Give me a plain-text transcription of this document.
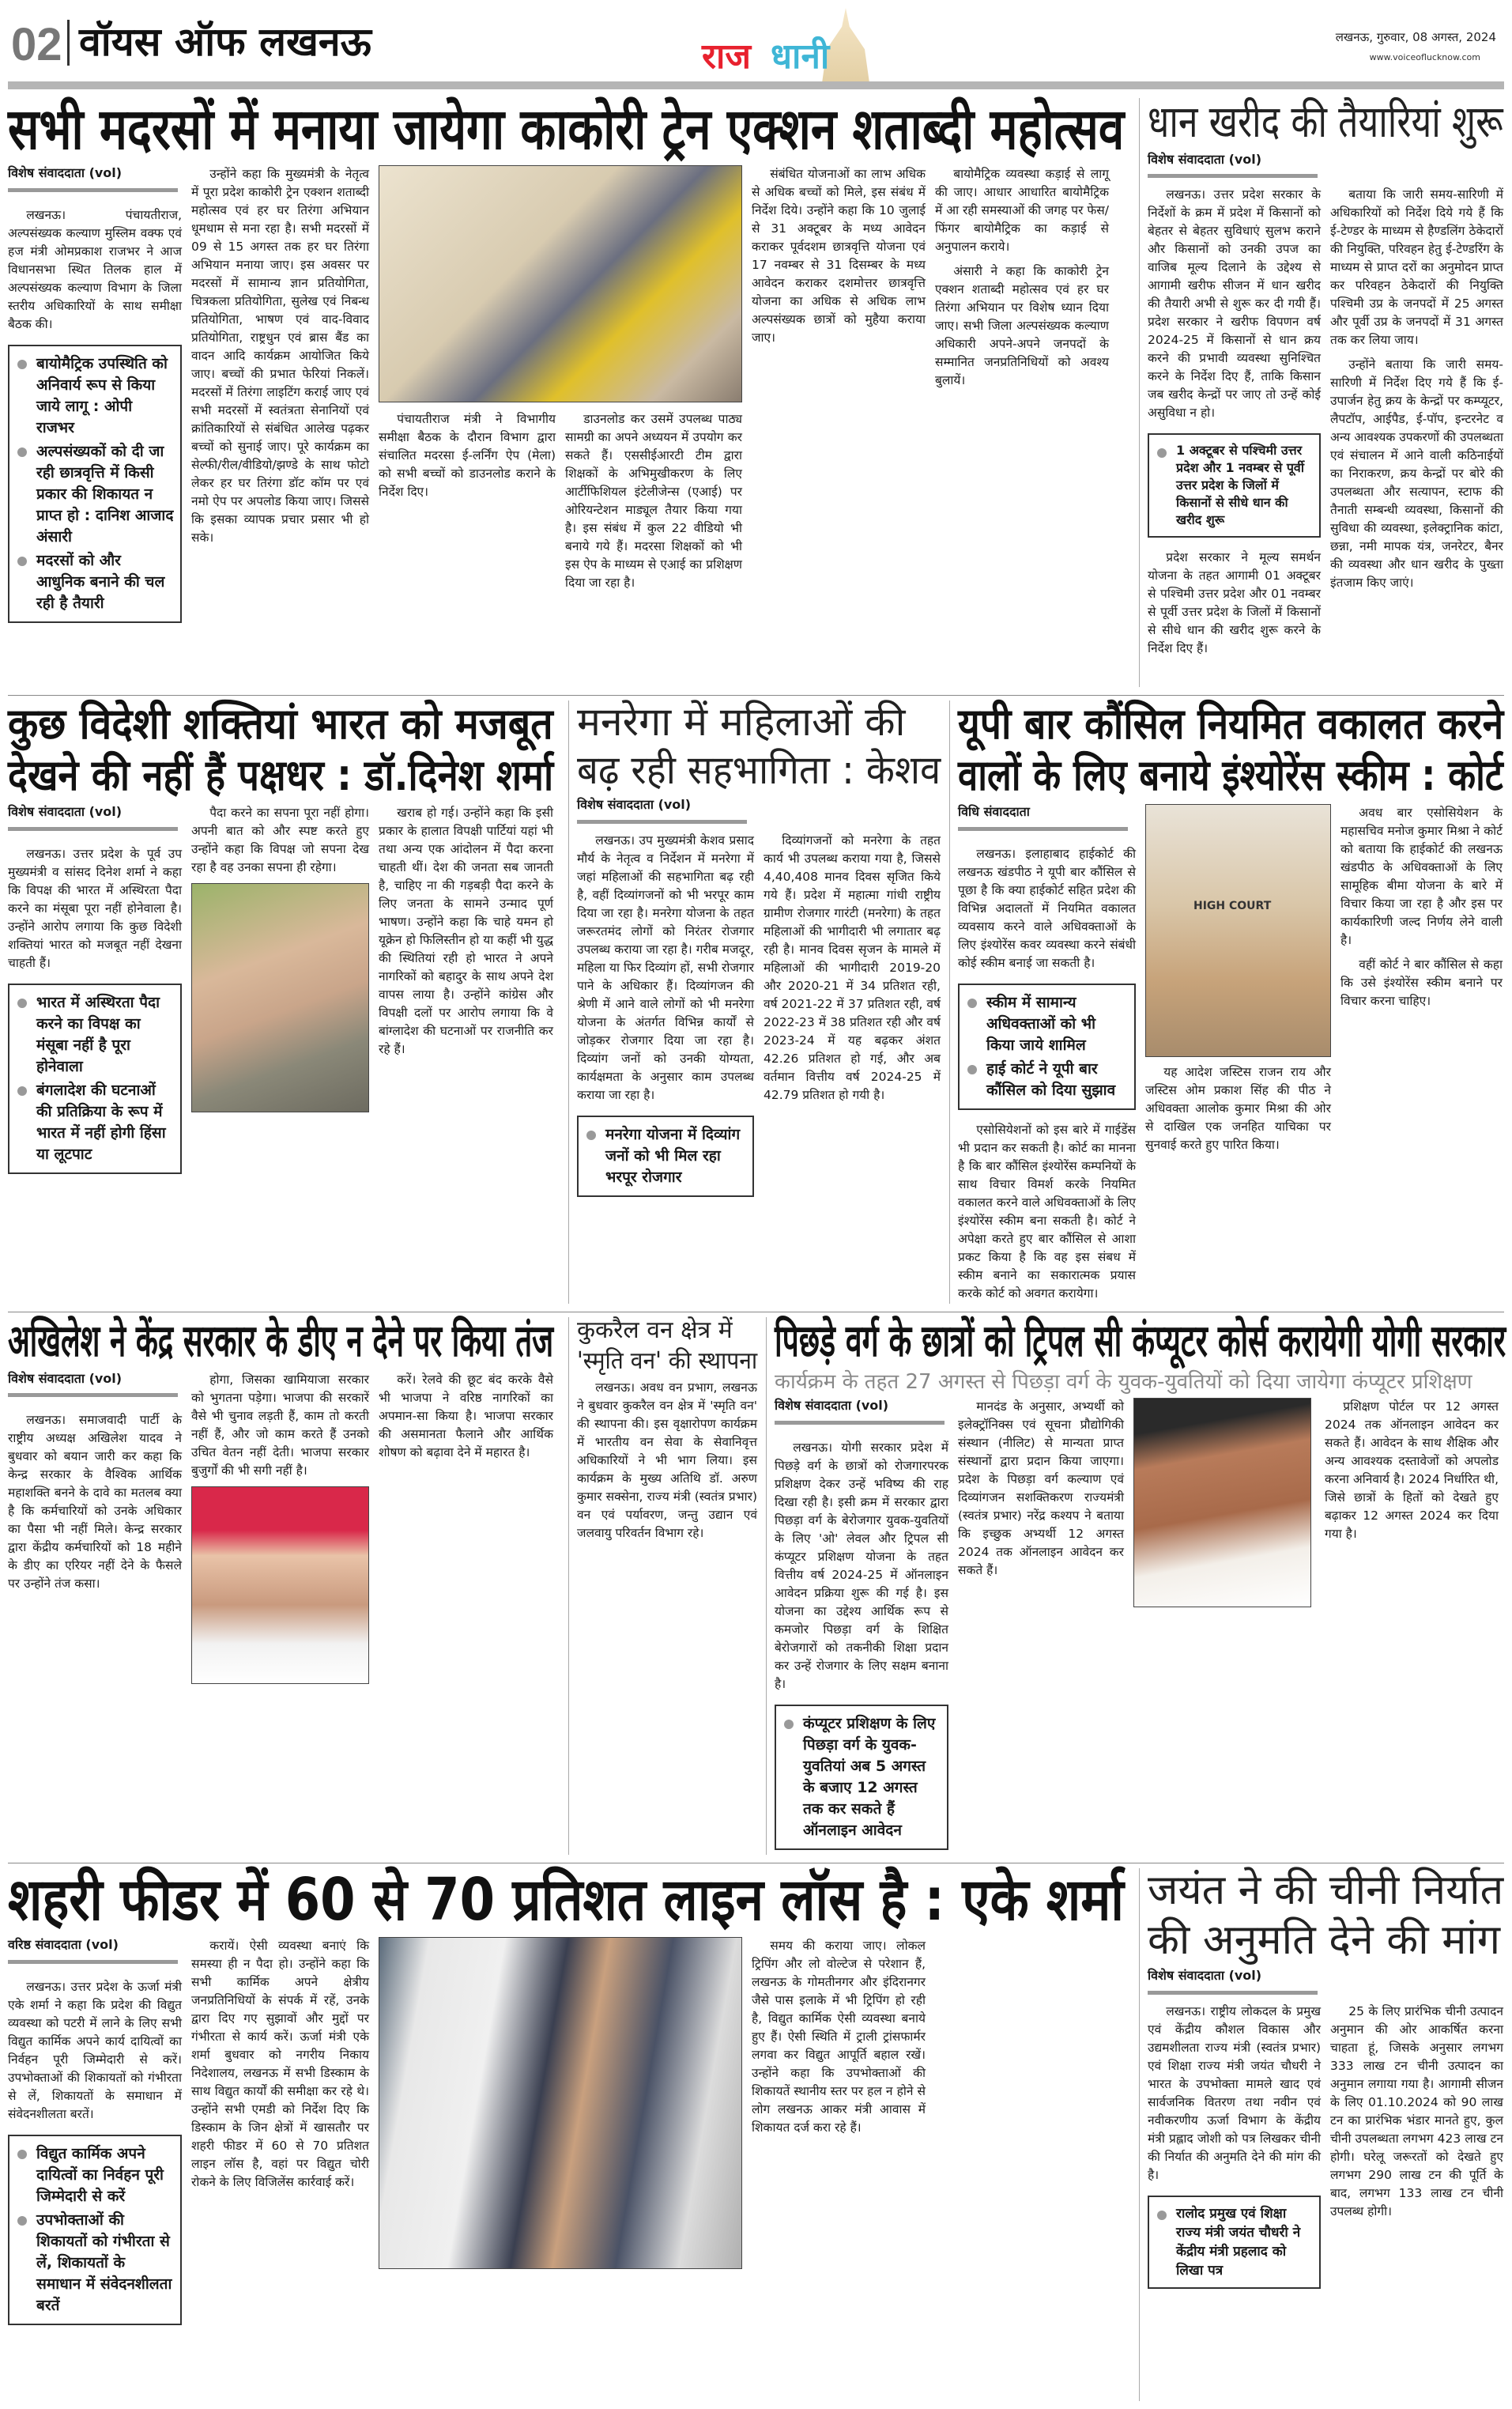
02 वॉयस ऑफ लखनऊ	राज धानी	लखनऊ, गुरुवार, 08 अगस्त, 2024
www.voiceoflucknow.com
सभी मदरसों में मनाया जायेगा काकोरी ट्रेन एक्शन शताब्दी महोत्सव
विशेष संवाददाता (vol)

लखनऊ। पंचायतीराज, अल्पसंख्यक कल्याण मुस्लिम वक्फ एवं हज मंत्री ओमप्रकाश राजभर ने आज विधानसभा स्थित तिलक हाल में अल्पसंख्यक कल्याण विभाग के जिला स्तरीय अधिकारियों के साथ समीक्षा बैठक की।

बायोमैट्रिक उपस्थिति को अनिवार्य रूप से किया जाये लागू : ओपी राजभर
अल्पसंख्यकों को दी जा रही छात्रवृत्ति में किसी प्रकार की शिकायत न प्राप्त हो : दानिश आजाद अंसारी
मदरसों को और आधुनिक बनाने की चल रही है तैयारी

उन्होंने कहा कि मुख्यमंत्री के नेतृत्व में पूरा प्रदेश काकोरी ट्रेन एक्शन शताब्दी महोत्सव एवं हर घर तिरंगा अभियान धूमधाम से मना रहा है। सभी मदरसों में 09 से 15 अगस्त तक हर घर तिरंगा अभियान मनाया जाए। इस अवसर पर मदरसों में सामान्य ज्ञान प्रतियोगिता, चित्रकला प्रतियोगिता, सुलेख एवं निबन्ध प्रतियोगिता, भाषण एवं वाद-विवाद प्रतियोगिता, राष्ट्रधुन एवं ब्रास बैंड का वादन आदि कार्यक्रम आयोजित किये जाए। बच्चों की प्रभात फेरियां निकलें। मदरसों में तिरंगा लाइटिंग कराई जाए एवं सभी मदरसों में स्वतंत्रता सेनानियों एवं क्रांतिकारियों से संबंधित आलेख पढ़कर बच्चों को सुनाई जाए। पूरे कार्यक्रम का सेल्फी/रील/वीडियो/झण्डे के साथ फोटो लेकर हर घर तिरंगा डॉट कॉम पर एवं नमो ऐप पर अपलोड किया जाए। जिससे कि इसका व्यापक प्रचार प्रसार भी हो सके।

पंचायतीराज मंत्री ने विभागीय समीक्षा बैठक के दौरान विभाग द्वारा संचालित मदरसा ई-लर्निंग ऐप (मेला) को सभी बच्चों को डाउनलोड कराने के निर्देश दिए।

डाउनलोड कर उसमें उपलब्ध पाठ्य सामग्री का अपने अध्ययन में उपयोग कर सकते हैं। एससीईआरटी टीम द्वारा शिक्षकों के अभिमुखीकरण के लिए आर्टीफिशियल इंटेलीजेन्स (एआई) पर ओरियन्टेशन माड्यूल तैयार किया गया है। इस संबंध में कुल 22 वीडियो भी बनाये गये हैं। मदरसा शिक्षकों को भी इस ऐप के माध्यम से एआई का प्रशिक्षण दिया जा रहा है।

संबंधित योजनाओं का लाभ अधिक से अधिक बच्चों को मिले, इस संबंध में निर्देश दिये। उन्होंने कहा कि 10 जुलाई से 31 अक्टूबर के मध्य आवेदन कराकर पूर्वदशम छात्रवृत्ति योजना एवं 17 नवम्बर से 31 दिसम्बर के मध्य आवेदन कराकर दशमोत्तर छात्रवृत्ति योजना का अधिक से अधिक लाभ अल्पसंख्यक छात्रों को मुहैया कराया जाए।

बायोमैट्रिक व्यवस्था कड़ाई से लागू की जाए। आधार आधारित बायोमैट्रिक में आ रही समस्याओं की जगह पर फेस/फिंगर बायोमैट्रिक का कड़ाई से अनुपालन कराये।

अंसारी ने कहा कि काकोरी ट्रेन एक्शन शताब्दी महोत्सव एवं हर घर तिरंगा अभियान पर विशेष ध्यान दिया जाए। सभी जिला अल्पसंख्यक कल्याण अधिकारी अपने-अपने जनपदों के सम्मानित जनप्रतिनिधियों को अवश्य बुलायें।

धान खरीद की तैयारियां शुरू
विशेष संवाददाता (vol)

लखनऊ। उत्तर प्रदेश सरकार के निर्देशों के क्रम में प्रदेश में किसानों को बेहतर से बेहतर सुविधाएं सुलभ कराने और किसानों को उनकी उपज का वाजिब मूल्य दिलाने के उद्देश्य से आगामी खरीफ सीजन में धान खरीद की तैयारी अभी से शुरू कर दी गयी हैं। प्रदेश सरकार ने खरीफ विपणन वर्ष 2024-25 में किसानों से धान क्रय करने की प्रभावी व्यवस्था सुनिश्चित करने के निर्देश दिए हैं, ताकि किसान जब खरीद केन्द्रों पर जाए तो उन्हें कोई असुविधा न हो।

1 अक्टूबर से पश्चिमी उत्तर प्रदेश और 1 नवम्बर से पूर्वी उत्तर प्रदेश के जिलों में किसानों से सीधे धान की खरीद शुरू

प्रदेश सरकार ने मूल्य समर्थन योजना के तहत आगामी 01 अक्टूबर से पश्चिमी उत्तर प्रदेश और 01 नवम्बर से पूर्वी उत्तर प्रदेश के जिलों में किसानों से सीधे धान की खरीद शुरू करने के निर्देश दिए हैं।

बताया कि जारी समय-सारिणी में अधिकारियों को निर्देश दिये गये हैं कि ई-टेण्डर के माध्यम से हैण्डलिंग ठेकेदारों की नियुक्ति, परिवहन हेतु ई-टेण्डरिंग के माध्यम से प्राप्त दरों का अनुमोदन प्राप्त कर परिवहन ठेकेदारों की नियुक्ति पश्चिमी उप्र के जनपदों में 25 अगस्त और पूर्वी उप्र के जनपदों में 31 अगस्त तक कर लिया जाय।

उन्होंने बताया कि जारी समय-सारिणी में निर्देश दिए गये हैं कि ई-उपार्जन हेतु क्रय के केन्द्रों पर कम्प्यूटर, लैपटॉप, आईपैड, ई-पॉप, इन्टरनेट व अन्य आवश्यक उपकरणों की उपलब्धता एवं संचालन में आने वाली कठिनाईयों का निराकरण, क्रय केन्द्रों पर बोरे की उपलब्धता और सत्यापन, स्टाफ की तैनाती सम्बन्धी व्यवस्था, किसानों की सुविधा की व्यवस्था, इलेक्ट्रानिक कांटा, छन्ना, नमी मापक यंत्र, जनरेटर, बैनर की व्यवस्था और धान खरीद के पुख्ता इंतजाम किए जाएं।

कुछ विदेशी शक्तियां भारत को मजबूत
देखने की नहीं हैं पक्षधर : डॉ.दिनेश शर्मा
विशेष संवाददाता (vol)

लखनऊ। उत्तर प्रदेश के पूर्व उप मुख्यमंत्री व सांसद दिनेश शर्मा ने कहा कि विपक्ष की भारत में अस्थिरता पैदा करने का मंसूबा पूरा नहीं होनेवाला है। उन्होंने आरोप लगाया कि कुछ विदेशी शक्तियां भारत को मजबूत नहीं देखना चाहती हैं।

भारत में अस्थिरता पैदा करने का विपक्ष का मंसूबा नहीं है पूरा होनेवाला
बंगलादेश की घटनाओं की प्रतिक्रिया के रूप में भारत में नहीं होगी हिंसा या लूटपाट

पैदा करने का सपना पूरा नहीं होगा। अपनी बात को और स्पष्ट करते हुए उन्होंने कहा कि विपक्ष जो सपना देख रहा है वह उनका सपना ही रहेगा।

खराब हो गई। उन्होंने कहा कि इसी प्रकार के हालात विपक्षी पार्टियां यहां भी तथा अन्य एक आंदोलन में पैदा करना चाहती थीं। देश की जनता सब जानती है, चाहिए ना की गड़बड़ी पैदा करने के लिए जनता के सामने उन्माद पूर्ण भाषण। उन्होंने कहा कि चाहे यमन हो यूक्रेन हो फिलिस्तीन हो या कहीं भी युद्ध की स्थितियां रही हो भारत ने अपने नागरिकों को बहादुर के साथ अपने देश वापस लाया है। उन्होंने कांग्रेस और विपक्षी दलों पर आरोप लगाया कि वे बांग्लादेश की घटनाओं पर राजनीति कर रहे हैं।

मनरेगा में महिलाओं की
बढ़ रही सहभागिता : केशव
विशेष संवाददाता (vol)

लखनऊ। उप मुख्यमंत्री केशव प्रसाद मौर्य के नेतृत्व व निर्देशन में मनरेगा में जहां महिलाओं की सहभागिता बढ़ रही है, वहीं दिव्यांगजनों को भी भरपूर काम दिया जा रहा है। मनरेगा योजना के तहत जरूरतमंद लोगों को निरंतर रोजगार उपलब्ध कराया जा रहा है। गरीब मजदूर, महिला या फिर दिव्यांग हों, सभी रोजगार पाने के अधिकार हैं। दिव्यांगजन की श्रेणी में आने वाले लोगों को भी मनरेगा योजना के अंतर्गत विभिन्न कार्यों से जोड़कर रोजगार दिया जा रहा है। दिव्यांग जनों को उनकी योग्यता, कार्यक्षमता के अनुसार काम उपलब्ध कराया जा रहा है।

मनरेगा योजना में दिव्यांग जनों को भी मिल रहा भरपूर रोजगार

दिव्यांगजनों को मनरेगा के तहत कार्य भी उपलब्ध कराया गया है, जिससे 4,40,408 मानव दिवस सृजित किये गये हैं। प्रदेश में महात्मा गांधी राष्ट्रीय ग्रामीण रोजगार गारंटी (मनरेगा) के तहत महिलाओं की भागीदारी भी लगातार बढ़ रही है। मानव दिवस सृजन के मामले में महिलाओं की भागीदारी 2019-20 और 2020-21 में 34 प्रतिशत रही, वर्ष 2021-22 में 37 प्रतिशत रही, वर्ष 2022-23 में 38 प्रतिशत रही और वर्ष 2023-24 में यह बढ़कर अंशत 42.26 प्रतिशत हो गई, और अब वर्तमान वित्तीय वर्ष 2024-25 में 42.79 प्रतिशत हो गयी है।

यूपी बार कौंसिल नियमित वकालत करने
वालों के लिए बनाये इंश्योरेंस स्कीम : कोर्ट
विधि संवाददाता

लखनऊ। इलाहाबाद हाईकोर्ट की लखनऊ खंडपीठ ने यूपी बार कौंसिल से पूछा है कि क्या हाईकोर्ट सहित प्रदेश की विभिन्न अदालतों में नियमित वकालत व्यवसाय करने वाले अधिवक्ताओं के लिए इंश्योरेंस कवर व्यवस्था करने संबंधी कोई स्कीम बनाई जा सकती है।

स्कीम में सामान्य अधिवक्ताओं को भी किया जाये शामिल
हाई कोर्ट ने यूपी बार कौंसिल को दिया सुझाव

एसोसियेशनों को इस बारे में गाईडेंस भी प्रदान कर सकती है। कोर्ट का मानना है कि बार कौंसिल इंश्योरेंस कम्पनियों के साथ विचार विमर्श करके नियमित वकालत करने वाले अधिवक्ताओं के लिए इंश्योरेंस स्कीम बना सकती है। कोर्ट ने अपेक्षा करते हुए बार कौंसिल से आशा प्रकट किया है कि वह इस संबध में स्कीम बनाने का सकारात्मक प्रयास करके कोर्ट को अवगत करायेगा।

HIGH COURT

यह आदेश जस्टिस राजन राय और जस्टिस ओम प्रकाश सिंह की पीठ ने अधिवक्ता आलोक कुमार मिश्रा की ओर से दाखिल एक जनहित याचिका पर सुनवाई करते हुए पारित किया।

अवध बार एसोसियेशन के महासचिव मनोज कुमार मिश्रा ने कोर्ट को बताया कि हाईकोर्ट की लखनऊ खंडपीठ के अधिवक्ताओं के लिए सामूहिक बीमा योजना के बारे में विचार किया जा रहा है और इस पर कार्यकारिणी जल्द निर्णय लेने वाली है।

वहीं कोर्ट ने बार कौंसिल से कहा कि उसे इंश्योरेंस स्कीम बनाने पर विचार करना चाहिए।

अखिलेश ने केंद्र सरकार के डीए न देने पर किया तंज
विशेष संवाददाता (vol)

लखनऊ। समाजवादी पार्टी के राष्ट्रीय अध्यक्ष अखिलेश यादव ने बुधवार को बयान जारी कर कहा कि केन्द्र सरकार के वैश्विक आर्थिक महाशक्ति बनने के दावे का मतलब क्या है कि कर्मचारियों को उनके अधिकार का पैसा भी नहीं मिले। केन्द्र सरकार द्वारा केंद्रीय कर्मचारियों को 18 महीने के डीए का एरियर नहीं देने के फैसले पर उन्होंने तंज कसा।

होगा, जिसका खामियाजा सरकार को भुगतना पड़ेगा। भाजपा की सरकारें वैसे भी चुनाव लड़ती हैं, काम तो करती नहीं हैं, और जो काम करते हैं उनको उचित वेतन नहीं देती। भाजपा सरकार बुजुर्गों की भी सगी नहीं है।

करें। रेलवे की छूट बंद करके वैसे भी भाजपा ने वरिष्ठ नागरिकों का अपमान-सा किया है। भाजपा सरकार की असमानता फैलाने और आर्थिक शोषण को बढ़ावा देने में महारत है।

कुकरैल वन क्षेत्र में
'स्मृति वन' की स्थापना

लखनऊ। अवध वन प्रभाग, लखनऊ ने बुधवार कुकरैल वन क्षेत्र में 'स्मृति वन' की स्थापना की। इस वृक्षारोपण कार्यक्रम में भारतीय वन सेवा के सेवानिवृत्त अधिकारियों ने भी भाग लिया। इस कार्यक्रम के मुख्य अतिथि डॉ. अरुण कुमार सक्सेना, राज्य मंत्री (स्वतंत्र प्रभार) वन एवं पर्यावरण, जन्तु उद्यान एवं जलवायु परिवर्तन विभाग रहे।

पिछड़े वर्ग के छात्रों को ट्रिपल सी कंप्यूटर कोर्स करायेगी योगी सरकार
कार्यक्रम के तहत 27 अगस्त से पिछड़ा वर्ग के युवक-युवतियों को दिया जायेगा कंप्यूटर प्रशिक्षण
विशेष संवाददाता (vol)

लखनऊ। योगी सरकार प्रदेश में पिछड़े वर्ग के छात्रों को रोजगारपरक प्रशिक्षण देकर उन्हें भविष्य की राह दिखा रही है। इसी क्रम में सरकार द्वारा पिछड़ा वर्ग के बेरोजगार युवक-युवतियों के लिए 'ओ' लेवल और ट्रिपल सी कंप्यूटर प्रशिक्षण योजना के तहत वित्तीय वर्ष 2024-25 में ऑनलाइन आवेदन प्रक्रिया शुरू की गई है। इस योजना का उद्देश्य आर्थिक रूप से कमजोर पिछड़ा वर्ग के शिक्षित बेरोजगारों को तकनीकी शिक्षा प्रदान कर उन्हें रोजगार के लिए सक्षम बनाना है।

कंप्यूटर प्रशिक्षण के लिए पिछड़ा वर्ग के युवक-युवतियां अब 5 अगस्त के बजाए 12 अगस्त तक कर सकते हैं ऑनलाइन आवेदन

मानदंड के अनुसार, अभ्यर्थी को इलेक्ट्रॉनिक्स एवं सूचना प्रौद्योगिकी संस्थान (नीलिट) से मान्यता प्राप्त संस्थानों द्वारा प्रदान किया जाएगा। प्रदेश के पिछड़ा वर्ग कल्याण एवं दिव्यांगजन सशक्तिकरण राज्यमंत्री (स्वतंत्र प्रभार) नरेंद्र कश्यप ने बताया कि इच्छुक अभ्यर्थी 12 अगस्त 2024 तक ऑनलाइन आवेदन कर सकते हैं।

प्रशिक्षण पोर्टल पर 12 अगस्त 2024 तक ऑनलाइन आवेदन कर सकते हैं। आवेदन के साथ शैक्षिक और अन्य आवश्यक दस्तावेजों को अपलोड करना अनिवार्य है। 2024 निर्धारित थी, जिसे छात्रों के हितों को देखते हुए बढ़ाकर 12 अगस्त 2024 कर दिया गया है।

शहरी फीडर में 60 से 70 प्रतिशत लाइन लॉस है : एके शर्मा
वरिष्ठ संवाददाता (vol)

लखनऊ। उत्तर प्रदेश के ऊर्जा मंत्री एके शर्मा ने कहा कि प्रदेश की विद्युत व्यवस्था को पटरी में लाने के लिए सभी विद्युत कार्मिक अपने कार्य दायित्वों का निर्वहन पूरी जिम्मेदारी से करें। उपभोक्ताओं की शिकायतों को गंभीरता से लें, शिकायतों के समाधान में संवेदनशीलता बरतें।

विद्युत कार्मिक अपने दायित्वों का निर्वहन पूरी जिम्मेदारी से करें
उपभोक्ताओं की शिकायतों को गंभीरता से लें, शिकायतों के समाधान में संवेदनशीलता बरतें

करायें। ऐसी व्यवस्था बनाएं कि समस्या ही न पैदा हो। उन्होंने कहा कि सभी कार्मिक अपने क्षेत्रीय जनप्रतिनिधियों के संपर्क में रहें, उनके द्वारा दिए गए सुझावों और मुद्दों पर गंभीरता से कार्य करें। ऊर्जा मंत्री एके शर्मा बुधवार को नगरीय निकाय निदेशालय, लखनऊ में सभी डिस्काम के साथ विद्युत कार्यों की समीक्षा कर रहे थे। उन्होंने सभी एमडी को निर्देश दिए कि डिस्काम के जिन क्षेत्रों में खासतौर पर शहरी फीडर में 60 से 70 प्रतिशत लाइन लॉस है, वहां पर विद्युत चोरी रोकने के लिए विजिलेंस कार्रवाई करें।

समय की कराया जाए। लोकल ट्रिपिंग और लो वोल्टेज से परेशान हैं, लखनऊ के गोमतीनगर और इंदिरानगर जैसे पास इलाके में भी ट्रिपिंग हो रही है, विद्युत कार्मिक ऐसी व्यवस्था बनाये हुए हैं। ऐसी स्थिति में ट्राली ट्रांसफार्मर लगवा कर विद्युत आपूर्ति बहाल रखें। उन्होंने कहा कि उपभोक्ताओं की शिकायतें स्थानीय स्तर पर हल न होने से लोग लखनऊ आकर मंत्री आवास में शिकायत दर्ज करा रहे हैं।

जयंत ने की चीनी निर्यात
की अनुमति देने की मांग
विशेष संवाददाता (vol)

लखनऊ। राष्ट्रीय लोकदल के प्रमुख एवं केंद्रीय कौशल विकास और उद्यमशीलता राज्य मंत्री (स्वतंत्र प्रभार) एवं शिक्षा राज्य मंत्री जयंत चौधरी ने भारत के उपभोक्ता मामले खाद एवं सार्वजनिक वितरण तथा नवीन एवं नवीकरणीय ऊर्जा विभाग के केंद्रीय मंत्री प्रह्लाद जोशी को पत्र लिखकर चीनी की निर्यात की अनुमति देने की मांग की है।

रालोद प्रमुख एवं शिक्षा राज्य मंत्री जयंत चौधरी ने केंद्रीय मंत्री प्रहलाद को लिखा पत्र

25 के लिए प्रारंभिक चीनी उत्पादन अनुमान की ओर आकर्षित करना चाहता हूं, जिसके अनुसार लगभग 333 लाख टन चीनी उत्पादन का अनुमान लगाया गया है। आगामी सीजन के लिए 01.10.2024 को 90 लाख टन का प्रारंभिक भंडार मानते हुए, कुल चीनी उपलब्धता लगभग 423 लाख टन होगी। घरेलू जरूरतों को देखते हुए लगभग 290 लाख टन की पूर्ति के बाद, लगभग 133 लाख टन चीनी उपलब्ध होगी।
